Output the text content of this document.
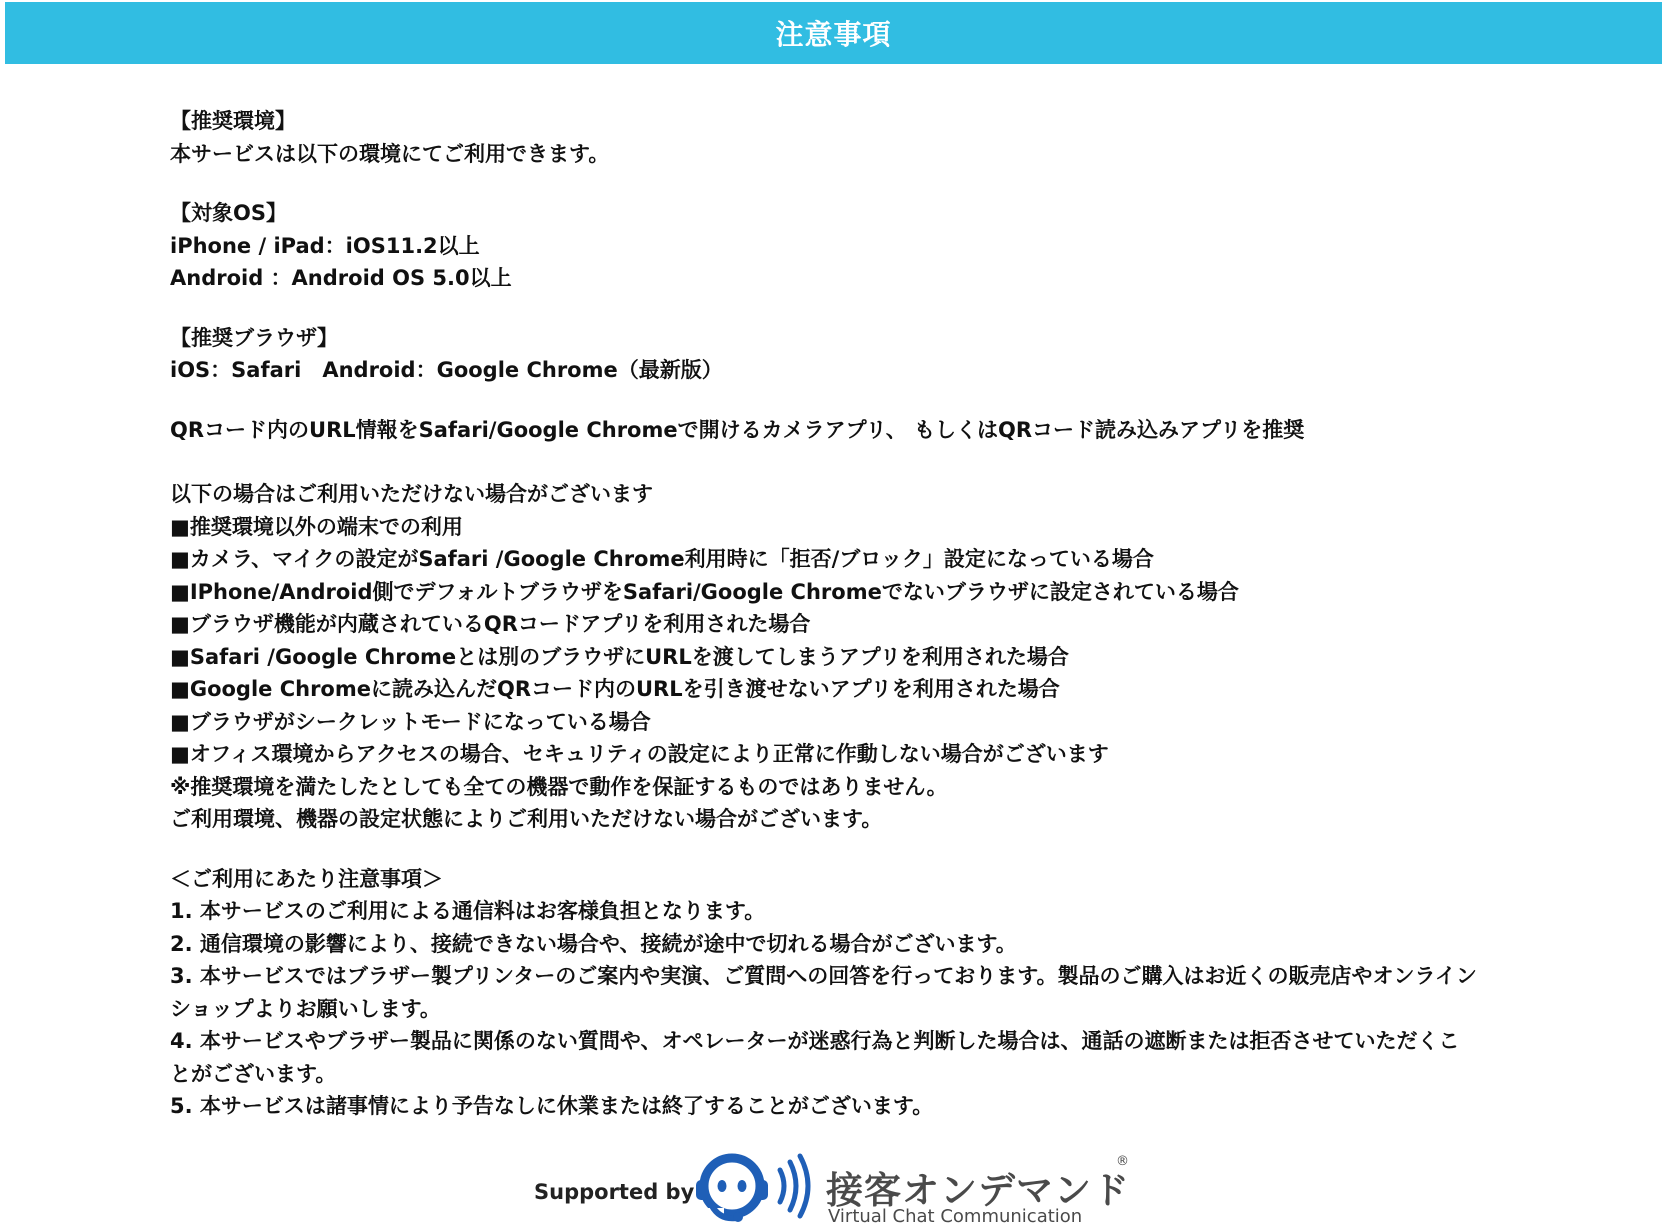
注意事項
【推奨環境】
本サービスは以下の環境にてご利用できます。
【対象OS】
iPhone / iPad：iOS11.2以上
Android ：Android OS 5.0以上
【推奨ブラウザ】
iOS：Safari　Android：Google Chrome（最新版）
QRコード内のURL情報をSafari/Google Chromeで開けるカメラアプリ、 もしくはQRコード読み込みアプリを推奨
以下の場合はご利用いただけない場合がございます
■推奨環境以外の端末での利用
■カメラ、マイクの設定がSafari /Google Chrome利用時に「拒否/ブロック」設定になっている場合
■IPhone/Android側でデフォルトブラウザをSafari/Google Chromeでないブラウザに設定されている場合
■ブラウザ機能が内蔵されているQRコードアプリを利用された場合
■Safari /Google Chromeとは別のブラウザにURLを渡してしまうアプリを利用された場合
■Google Chromeに読み込んだQRコード内のURLを引き渡せないアプリを利用された場合
■ブラウザがシークレットモードになっている場合
■オフィス環境からアクセスの場合、セキュリティの設定により正常に作動しない場合がございます
※推奨環境を満たしたとしても全ての機器で動作を保証するものではありません。
ご利用環境、機器の設定状態によりご利用いただけない場合がございます。
＜ご利用にあたり注意事項＞
1. 本サービスのご利用による通信料はお客様負担となります。
2. 通信環境の影響により、接続できない場合や、接続が途中で切れる場合がございます。
3. 本サービスではブラザー製プリンターのご案内や実演、ご質問への回答を行っております。製品のご購入はお近くの販売店やオンラインショップよりお願いします。
4. 本サービスやブラザー製品に関係のない質問や、オペレーターが迷惑行為と判断した場合は、通話の遮断または拒否させていただくことがございます。
5. 本サービスは諸事情により予告なしに休業または終了することがございます。
Supported by	接客オンデマンド
®
Virtual Chat Communication
